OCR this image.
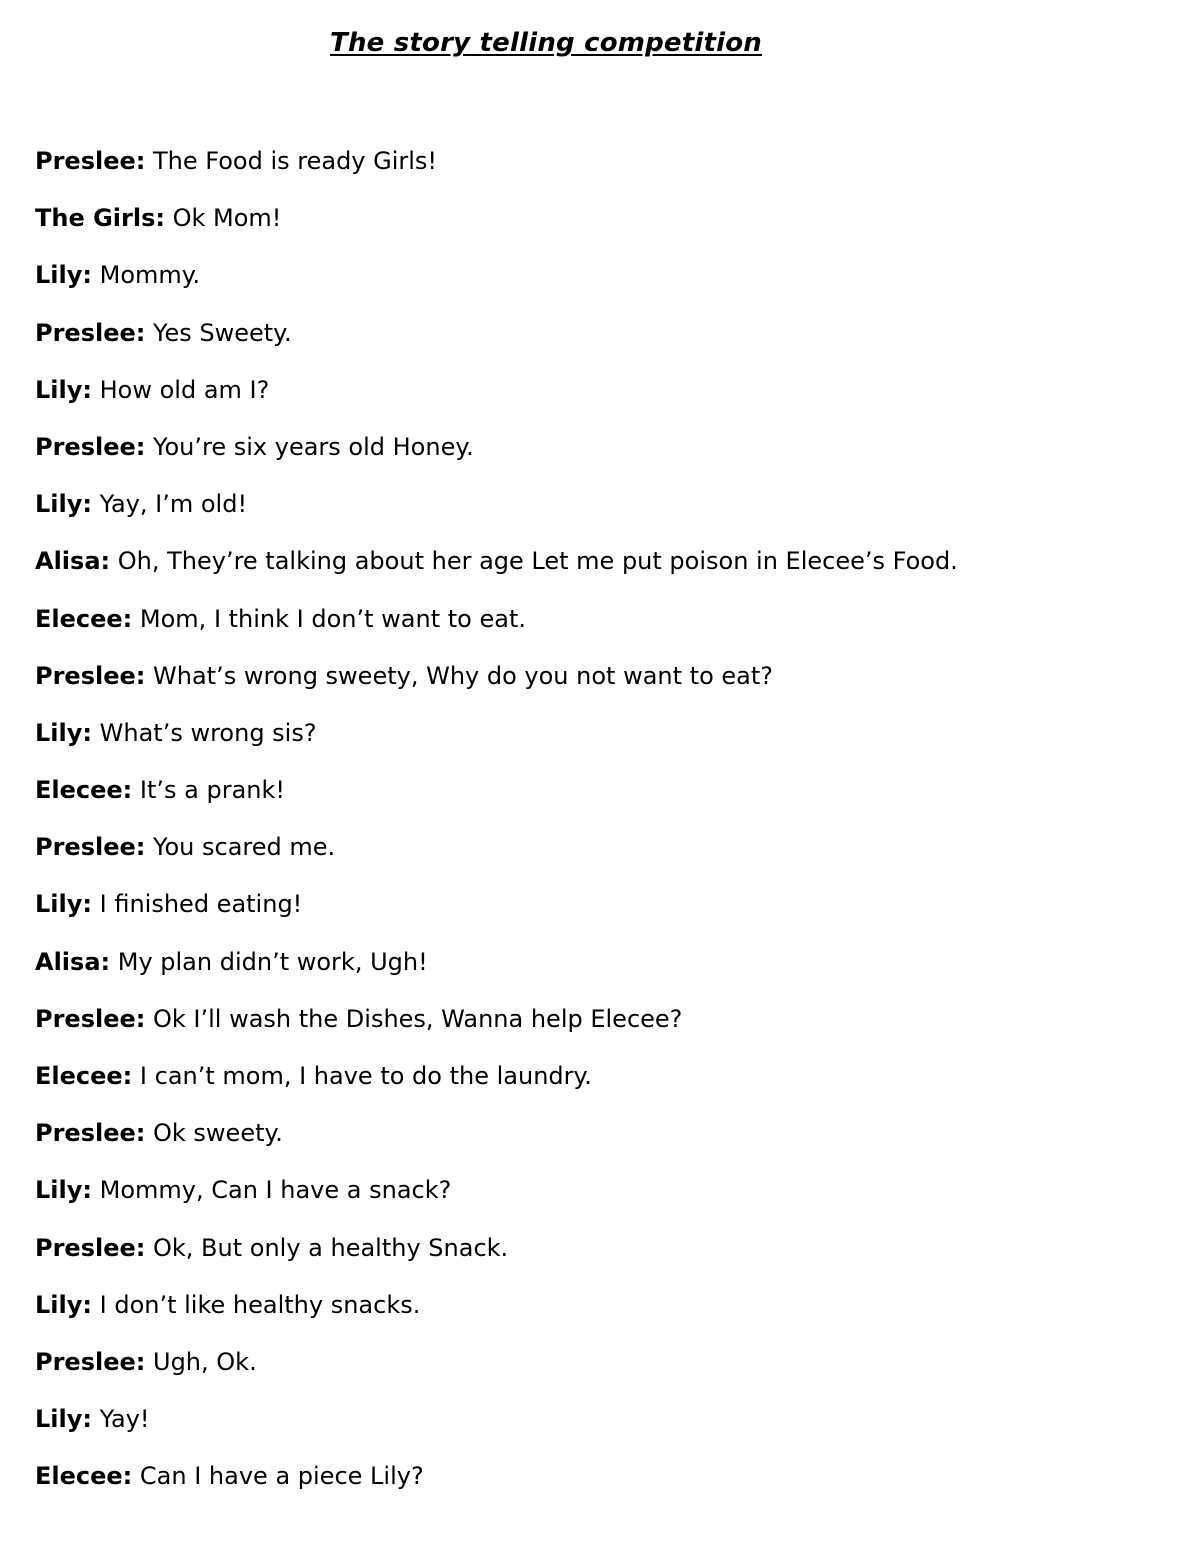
The story telling competition
Preslee: The Food is ready Girls!
The Girls: Ok Mom!
Lily: Mommy.
Preslee: Yes Sweety.
Lily: How old am I?
Preslee: You’re six years old Honey.
Lily: Yay, I’m old!
Alisa: Oh, They’re talking about her age Let me put poison in Elecee’s Food.
Elecee: Mom, I think I don’t want to eat.
Preslee: What’s wrong sweety, Why do you not want to eat?
Lily: What’s wrong sis?
Elecee: It’s a prank!
Preslee: You scared me.
Lily: I finished eating!
Alisa: My plan didn’t work, Ugh!
Preslee: Ok I’ll wash the Dishes, Wanna help Elecee?
Elecee: I can’t mom, I have to do the laundry.
Preslee: Ok sweety.
Lily: Mommy, Can I have a snack?
Preslee: Ok, But only a healthy Snack.
Lily: I don’t like healthy snacks.
Preslee: Ugh, Ok.
Lily: Yay!
Elecee: Can I have a piece Lily?
